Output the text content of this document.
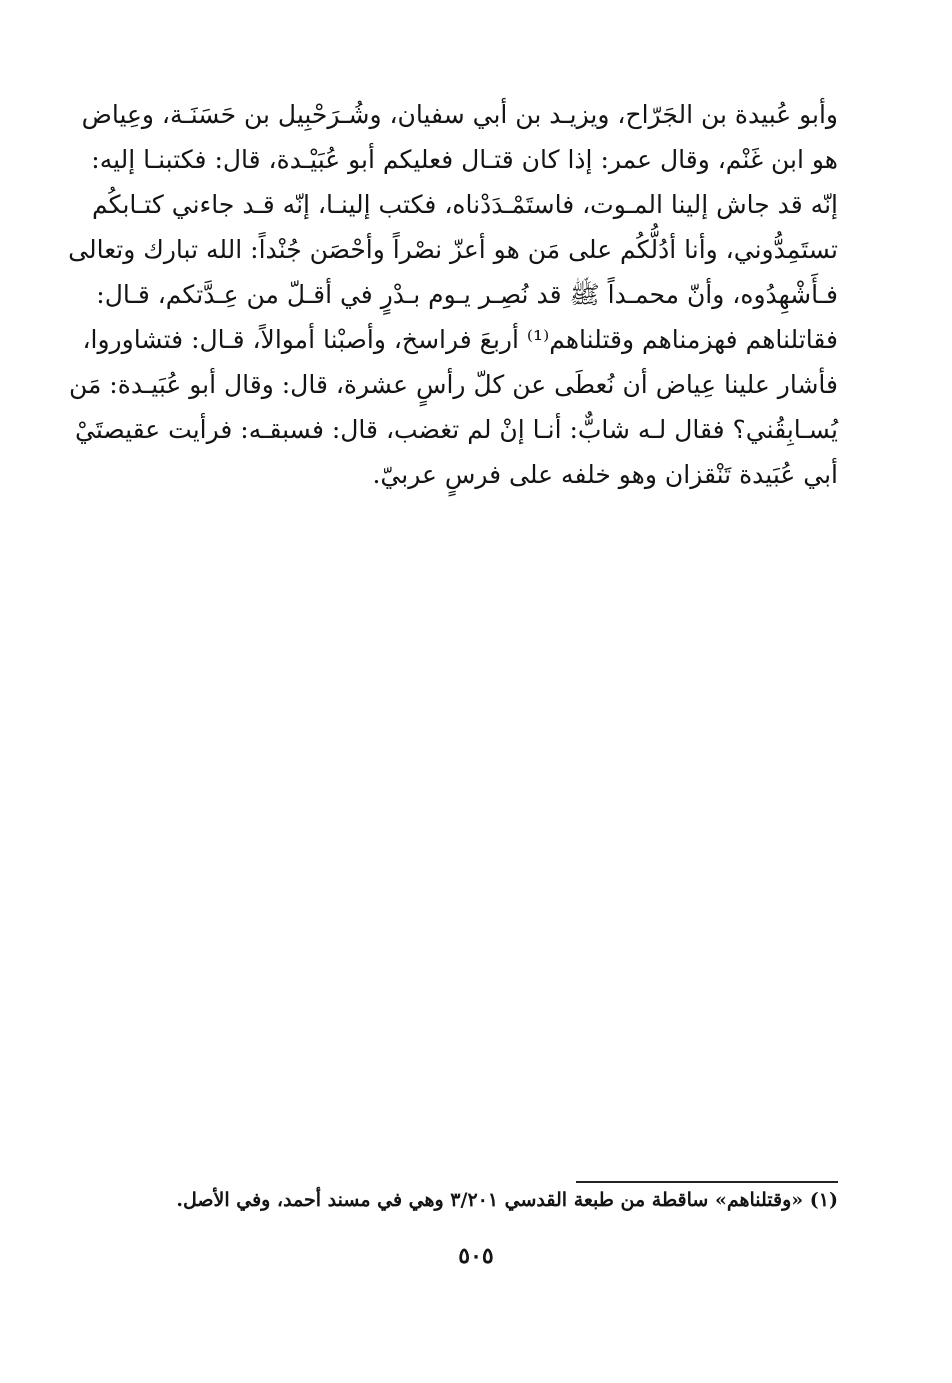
وأبو عُبيدة بن الجَرّاح، ويزيـد بن أبي سفيان، وشُـرَحْبِيل بن حَسَنَـة، وعِياض
هو ابن غَنْم، وقال عمر: إذا كان قتـال فعليكم أبو عُبَيْـدة، قال: فكتبنـا إليه:
إنّه قد جاش إلينا المـوت، فاستَمْـدَدْناه، فكتب إلينـا، إنّه قـد جاءني كتـابكُم
تستَمِدُّوني، وأنا أدُلُّكُم على مَن هو أعزّ نصْراً وأحْصَن جُنْداً: الله تبارك وتعالى
فـأَشْهِدُوه، وأنّ محمـداً ﷺ قد نُصِـر يـوم بـدْرٍ في أقـلّ من عِـدَّتكم، قـال:
فقاتلناهم فهزمناهم وقتلناهم⁽¹⁾ أربعَ فراسخ، وأصبْنا أموالاً، قـال: فتشاوروا،
فأشار علينا عِياض أن نُعطَى عن كلّ رأسٍ عشرة، قال: وقال أبو عُبَيـدة: مَن
يُسـابِقُني؟ فقال لـه شابٌّ: أنـا إنْ لم تغضب، قال: فسبقـه: فرأيت عقيصتَيْ
أبي عُبَيدة تَنْقزان وهو خلفه على فرسٍ عربيّ.
(١) «وقتلناهم» ساقطة من طبعة القدسي ٣/٢٠١ وهي في مسند أحمد، وفي الأصل.
٥٠٥
